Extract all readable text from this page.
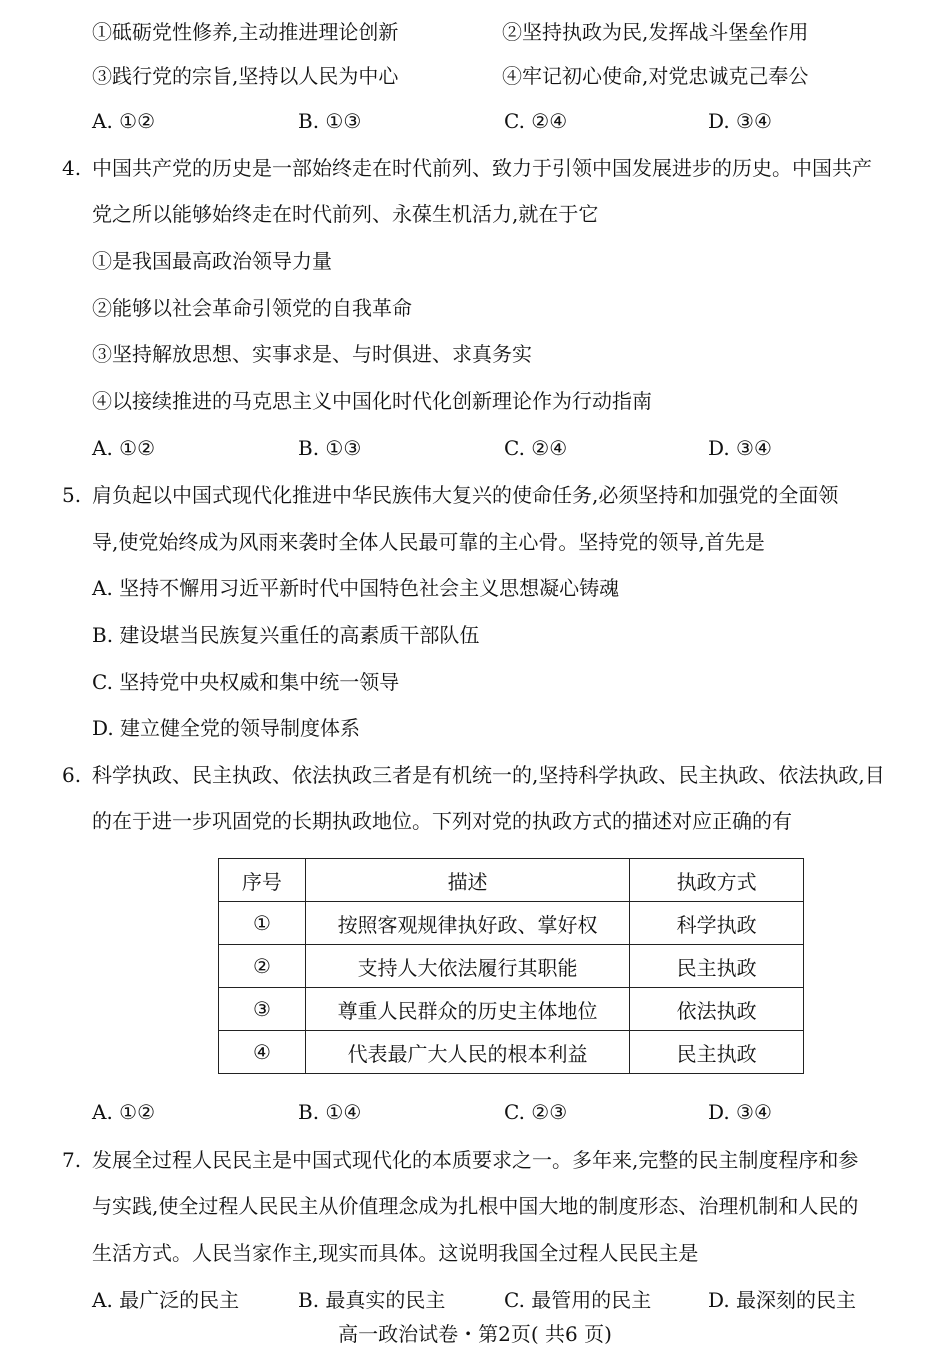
①砥砺党性修养,主动推进理论创新	②坚持执政为民,发挥战斗堡垒作用
③践行党的宗旨,坚持以人民为中心	④牢记初心使命,对党忠诚克己奉公
A. ①②	B. ①③	C. ②④	D. ③④
4. 中国共产党的历史是一部始终走在时代前列、致力于引领中国发展进步的历史。中国共产
党之所以能够始终走在时代前列、永葆生机活力,就在于它
①是我国最高政治领导力量
②能够以社会革命引领党的自我革命
③坚持解放思想、实事求是、与时俱进、求真务实
④以接续推进的马克思主义中国化时代化创新理论作为行动指南
A. ①②	B. ①③	C. ②④	D. ③④
5. 肩负起以中国式现代化推进中华民族伟大复兴的使命任务,必须坚持和加强党的全面领
导,使党始终成为风雨来袭时全体人民最可靠的主心骨。坚持党的领导,首先是
A. 坚持不懈用习近平新时代中国特色社会主义思想凝心铸魂
B. 建设堪当民族复兴重任的高素质干部队伍
C. 坚持党中央权威和集中统一领导
D. 建立健全党的领导制度体系
6. 科学执政、民主执政、依法执政三者是有机统一的,坚持科学执政、民主执政、依法执政,目
的在于进一步巩固党的长期执政地位。下列对党的执政方式的描述对应正确的有
序号	描述	执政方式
①	按照客观规律执好政、掌好权	科学执政
②	支持人大依法履行其职能	民主执政
③	尊重人民群众的历史主体地位	依法执政
④	代表最广大人民的根本利益	民主执政
A. ①②	B. ①④	C. ②③	D. ③④
7. 发展全过程人民民主是中国式现代化的本质要求之一。多年来,完整的民主制度程序和参
与实践,使全过程人民民主从价值理念成为扎根中国大地的制度形态、治理机制和人民的
生活方式。人民当家作主,现实而具体。这说明我国全过程人民民主是
A. 最广泛的民主	B. 最真实的民主	C. 最管用的民主	D. 最深刻的民主
高一政治试卷・第2页( 共6 页)
